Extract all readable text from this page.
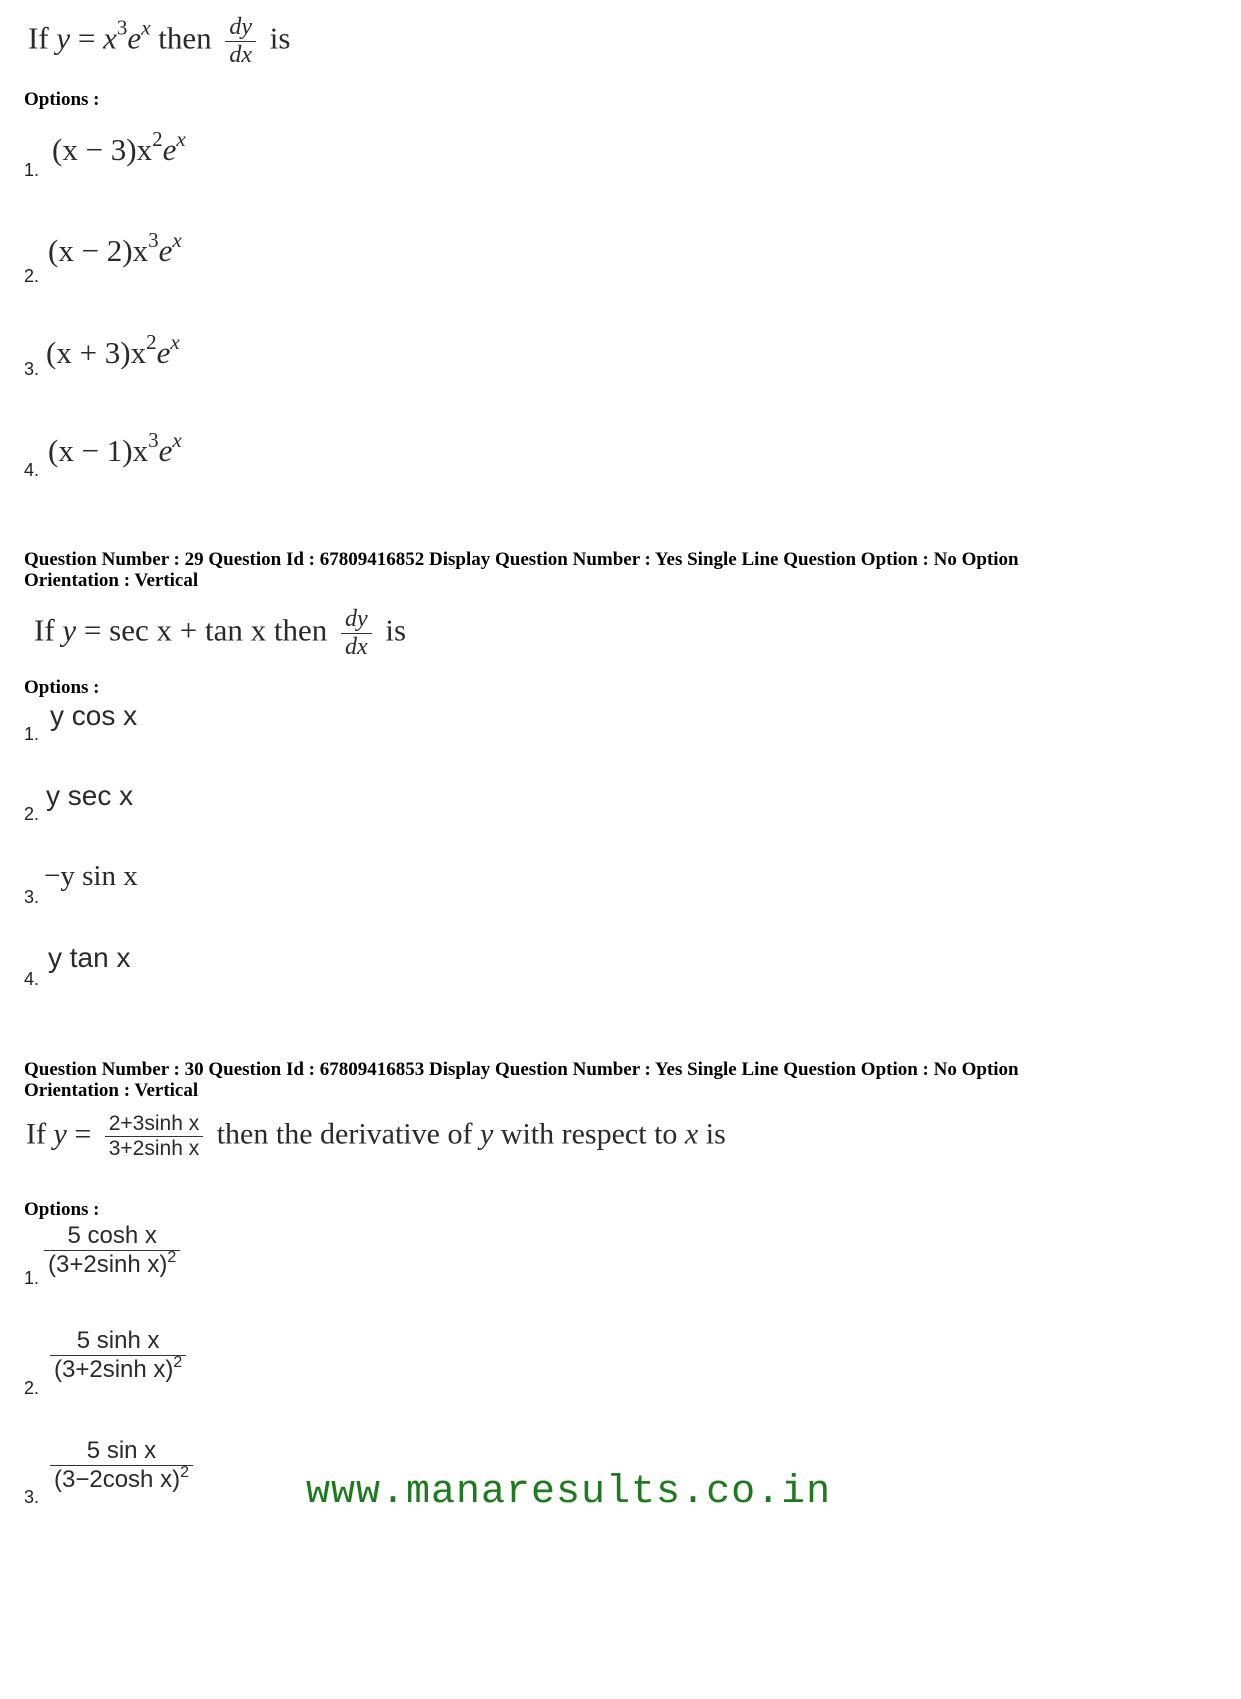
If $y = x^3e^x$ then $\frac{dy}{dx}$ is
Options :
1.
$(x - 3)x^2e^x$
2.
$(x - 2)x^3e^x$
3. $(x + 3)x^2e^x$
4.
$(x - 1)x^3e^x$
Question Number : 29 Question Id : 67809416852 Display Question Number : Yes Single Line Question Option : No Option
Orientation : Vertical
If y = sec x + tan x then $\frac{dy}{dx}$ is
Options :
1.
y cos x
2.
y sec x
3.
−y sin x
4.
y tan x
Question Number : 30 Question Id : 67809416853 Display Question Number : Yes Single Line Question Option : No Option
Orientation : Vertical
If $y = \frac{\text{2+3sinh x}}{\text{3+2sinh x}}$ then the derivative of y with respect to x is
Options :
1. $\frac{\text{5 cosh x}}{(3+2\sinh x)^2}$
2.
$\frac{\text{5 sinh x}}{(3+2\sinh x)^2}$
3.
$\frac{\text{5 sin x}}{(3-2\cosh x)^2}$	www.manaresults.co.in
